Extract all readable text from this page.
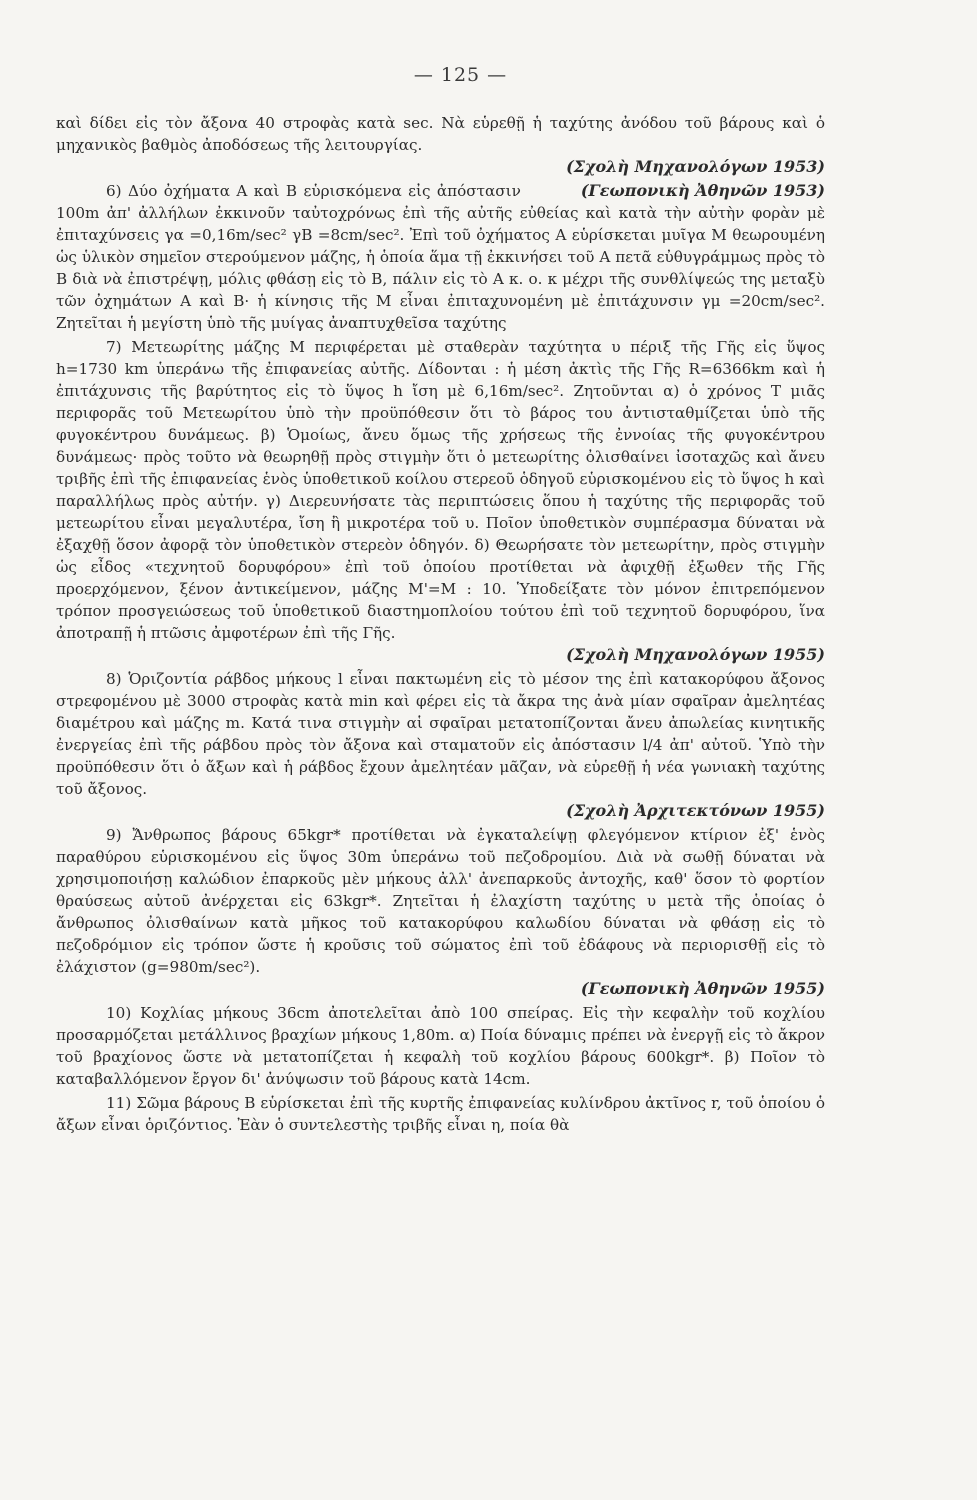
— 125 —

καὶ δίδει εἰς τὸν ἄξονα 40 στροφὰς κατὰ sec. Νὰ εὑρεθῇ ἡ ταχύτης ἀνόδου τοῦ βάρους καὶ ὁ μηχανικὸς βαθμὸς ἀποδόσεως τῆς λειτουργίας.

(Σχολὴ Μηχανολόγων 1953)

(Γεωπονικὴ Ἀθηνῶν 1953)
6) Δύο ὀχήματα Α καὶ Β εὑρισκόμενα εἰς ἀπόστασιν 100m ἀπ' ἀλλήλων ἐκκινοῦν ταὐτοχρόνως ἐπὶ τῆς αὐτῆς εὐθείας καὶ κατὰ τὴν αὐτὴν φορὰν μὲ ἐπιταχύνσεις γα =0,16m/sec² γΒ =8cm/sec². Ἐπὶ τοῦ ὀχήματος Α εὑρίσκεται μυῖγα Μ θεωρουμένη ὡς ὑλικὸν σημεῖον στερούμενον μάζης, ἡ ὁποία ἅμα τῇ ἐκκινήσει τοῦ Α πετᾶ εὐθυγράμμως πρὸς τὸ Β διὰ νὰ ἐπιστρέψῃ, μόλις φθάσῃ εἰς τὸ Β, πάλιν εἰς τὸ Α κ. ο. κ μέχρι τῆς συνθλίψεώς της μεταξὺ τῶν ὀχημάτων Α καὶ Β· ἡ κίνησις τῆς Μ εἶναι ἐπιταχυνομένη μὲ ἐπιτάχυνσιν γμ =20cm/sec². Ζητεῖται ἡ μεγίστη ὑπὸ τῆς μυίγας ἀναπτυχθεῖσα ταχύτης

7) Μετεωρίτης μάζης Μ περιφέρεται μὲ σταθερὰν ταχύτητα υ πέριξ τῆς Γῆς εἰς ὕψος h=1730 km ὑπεράνω τῆς ἐπιφανείας αὐτῆς. Δίδονται : ἡ μέση ἀκτὶς τῆς Γῆς R=6366km καὶ ἡ ἐπιτάχυνσις τῆς βαρύτητος εἰς τὸ ὕψος h ἴση μὲ 6,16m/sec². Ζητοῦνται α) ὁ χρόνος Τ μιᾶς περιφορᾶς τοῦ Μετεωρίτου ὑπὸ τὴν προϋπόθεσιν ὅτι τὸ βάρος του ἀντισταθμίζεται ὑπὸ τῆς φυγοκέντρου δυνάμεως. β) Ὁμοίως, ἄνευ ὅμως τῆς χρήσεως τῆς ἐννοίας τῆς φυγοκέντρου δυνάμεως· πρὸς τοῦτο νὰ θεωρηθῇ πρὸς στιγμὴν ὅτι ὁ μετεωρίτης ὀλισθαίνει ἰσοταχῶς καὶ ἄνευ τριβῆς ἐπὶ τῆς ἐπιφανείας ἑνὸς ὑποθετικοῦ κοίλου στερεοῦ ὁδηγοῦ εὑρισκομένου εἰς τὸ ὕψος h καὶ παραλλήλως πρὸς αὐτήν. γ) Διερευνήσατε τὰς περιπτώσεις ὅπου ἡ ταχύτης τῆς περιφορᾶς τοῦ μετεωρίτου εἶναι μεγαλυτέρα, ἴση ἢ μικροτέρα τοῦ υ. Ποῖον ὑποθετικὸν συμπέρασμα δύναται νὰ ἐξαχθῇ ὅσον ἀφορᾷ τὸν ὑποθετικὸν στερεὸν ὁδηγόν. δ) Θεωρήσατε τὸν μετεωρίτην, πρὸς στιγμὴν ὡς εἶδος «τεχνητοῦ δορυφόρου» ἐπὶ τοῦ ὁποίου προτίθεται νὰ ἀφιχθῇ ἐξωθεν τῆς Γῆς προερχόμενον, ξένον ἀντικείμενον, μάζης Μ'=Μ : 10. Ὑποδείξατε τὸν μόνον ἐπιτρεπόμενον τρόπον προσγειώσεως τοῦ ὑποθετικοῦ διαστημοπλοίου τούτου ἐπὶ τοῦ τεχνητοῦ δορυφόρου, ἵνα ἀποτραπῇ ἡ πτῶσις ἀμφοτέρων ἐπὶ τῆς Γῆς.

(Σχολὴ Μηχανολόγων 1955)

8) Ὁριζοντία ράβδος μήκους l εἶναι πακτωμένη εἰς τὸ μέσον της ἐπὶ κατακορύφου ἄξονος στρεφομένου μὲ 3000 στροφὰς κατὰ min καὶ φέρει εἰς τὰ ἄκρα της ἀνὰ μίαν σφαῖραν ἀμελητέας διαμέτρου καὶ μάζης m. Κατά τινα στιγμὴν αἱ σφαῖραι μετατοπίζονται ἄνευ ἀπωλείας κινητικῆς ἐνεργείας ἐπὶ τῆς ράβδου πρὸς τὸν ἄξονα καὶ σταματοῦν εἰς ἀπόστασιν l/4 ἀπ' αὐτοῦ. Ὑπὸ τὴν προϋπόθεσιν ὅτι ὁ ἄξων καὶ ἡ ράβδος ἔχουν ἀμελητέαν μᾶζαν, νὰ εὑρεθῇ ἡ νέα γωνιακὴ ταχύτης τοῦ ἄξονος.

(Σχολὴ Ἀρχιτεκτόνων 1955)

9) Ἄνθρωπος βάρους 65kgr* προτίθεται νὰ ἐγκαταλείψῃ φλεγόμενον κτίριον ἐξ' ἑνὸς παραθύρου εὑρισκομένου εἰς ὕψος 30m ὑπεράνω τοῦ πεζοδρομίου. Διὰ νὰ σωθῇ δύναται νὰ χρησιμοποιήσῃ καλώδιον ἐπαρκοῦς μὲν μήκους ἀλλ' ἀνεπαρκοῦς ἀντοχῆς, καθ' ὅσον τὸ φορτίον θραύσεως αὐτοῦ ἀνέρχεται εἰς 63kgr*. Ζητεῖται ἡ ἐλαχίστη ταχύτης υ μετὰ τῆς ὁποίας ὁ ἄνθρωπος ὀλισθαίνων κατὰ μῆκος τοῦ κατακορύφου καλωδίου δύναται νὰ φθάσῃ εἰς τὸ πεζοδρόμιον εἰς τρόπον ὥστε ἡ κροῦσις τοῦ σώματος ἐπὶ τοῦ ἐδάφους νὰ περιορισθῇ εἰς τὸ ἐλάχιστον (g=980m/sec²).

(Γεωπονικὴ Ἀθηνῶν 1955)

10) Κοχλίας μήκους 36cm ἀποτελεῖται ἀπὸ 100 σπείρας. Εἰς τὴν κεφαλὴν τοῦ κοχλίου προσαρμόζεται μετάλλινος βραχίων μήκους 1,80m. α) Ποία δύναμις πρέπει νὰ ἐνεργῇ εἰς τὸ ἄκρον τοῦ βραχίονος ὥστε νὰ μετατοπίζεται ἡ κεφαλὴ τοῦ κοχλίου βάρους 600kgr*. β) Ποῖον τὸ καταβαλλόμενον ἔργον δι' ἀνύψωσιν τοῦ βάρους κατὰ 14cm.

11) Σῶμα βάρους Β εὑρίσκεται ἐπὶ τῆς κυρτῆς ἐπιφανείας κυλίνδρου ἀκτῖνος r, τοῦ ὁποίου ὁ ἄξων εἶναι ὁριζόντιος. Ἐὰν ὁ συντελεστὴς τριβῆς εἶναι η, ποία θὰ
